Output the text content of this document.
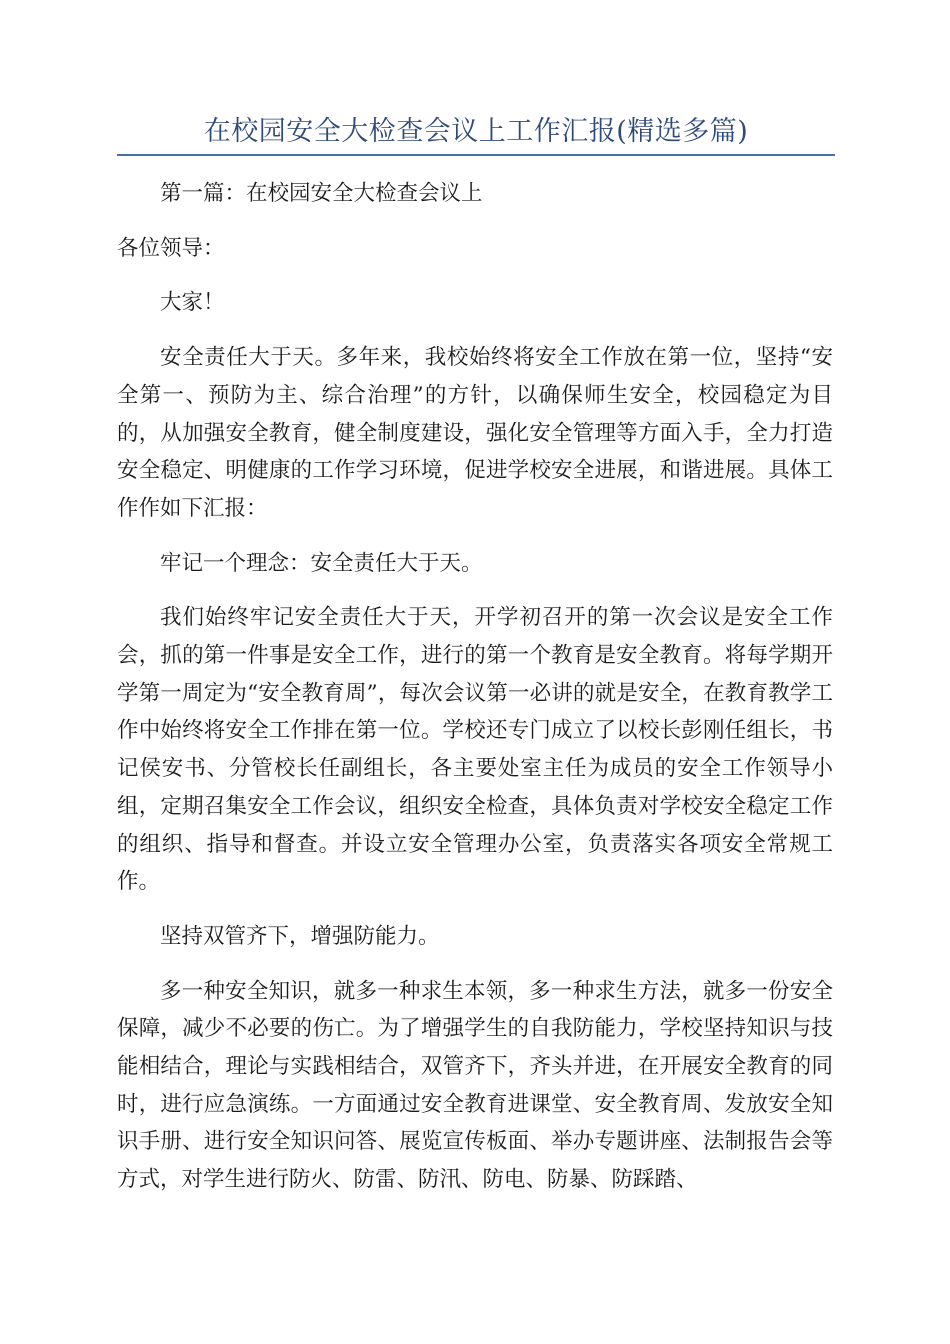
在校园安全大检查会议上工作汇报(精选多篇)

第一篇：在校园安全大检查会议上

各位领导：

大家！

安全责任大于天。多年来，我校始终将安全工作放在第一位，坚持“安全第一、预防为主、综合治理”的方针，以确保师生安全，校园稳定为目的，从加强安全教育，健全制度建设，强化安全管理等方面入手，全力打造安全稳定、明健康的工作学习环境，促进学校安全进展，和谐进展。具体工作作如下汇报：

牢记一个理念：安全责任大于天。

我们始终牢记安全责任大于天，开学初召开的第一次会议是安全工作会，抓的第一件事是安全工作，进行的第一个教育是安全教育。将每学期开学第一周定为“安全教育周”，每次会议第一必讲的就是安全，在教育教学工作中始终将安全工作排在第一位。学校还专门成立了以校长彭刚任组长，书记侯安书、分管校长任副组长，各主要处室主任为成员的安全工作领导小组，定期召集安全工作会议，组织安全检查，具体负责对学校安全稳定工作的组织、指导和督查。并设立安全管理办公室，负责落实各项安全常规工作。

坚持双管齐下，增强防能力。

多一种安全知识，就多一种求生本领，多一种求生方法，就多一份安全保障，减少不必要的伤亡。为了增强学生的自我防能力，学校坚持知识与技能相结合，理论与实践相结合，双管齐下，齐头并进，在开展安全教育的同时，进行应急演练。一方面通过安全教育进课堂、安全教育周、发放安全知识手册、进行安全知识问答、展览宣传板面、举办专题讲座、法制报告会等方式，对学生进行防火、防雷、防汛、防电、防暴、防踩踏、
